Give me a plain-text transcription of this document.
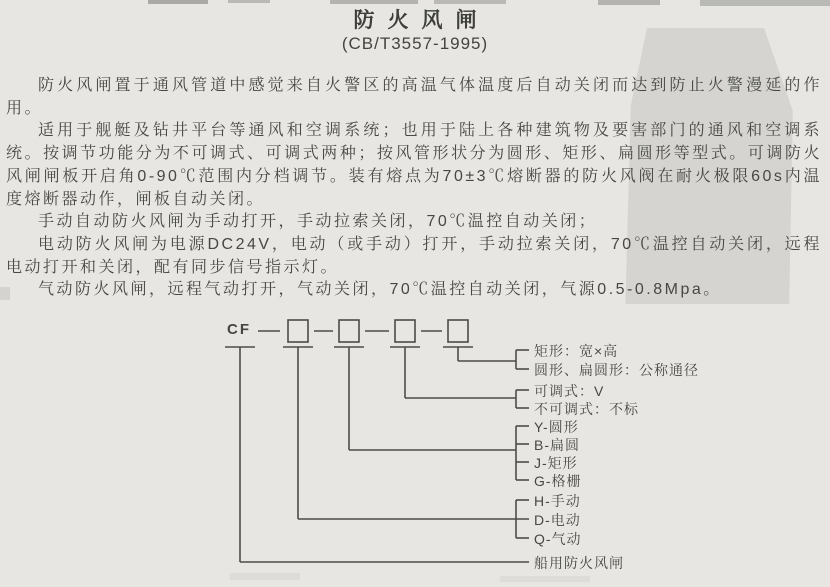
防火风闸
(CB/T3557-1995)

防火风闸置于通风管道中感觉来自火警区的高温气体温度后自动关闭而达到防止火警漫延的作用。

适用于舰艇及钻井平台等通风和空调系统；也用于陆上各种建筑物及要害部门的通风和空调系统。按调节功能分为不可调式、可调式两种；按风管形状分为圆形、矩形、扁圆形等型式。可调防火风闸闸板开启角0-90℃范围内分档调节。装有熔点为70±3℃熔断器的防火风阀在耐火极限60s内温度熔断器动作，闸板自动关闭。

手动自动防火风闸为手动打开，手动拉索关闭，70℃温控自动关闭；

电动防火风闸为电源DC24V，电动（或手动）打开，手动拉索关闭，70℃温控自动关闭，远程电动打开和关闭，配有同步信号指示灯。

气动防火风闸，远程气动打开，气动关闭，70℃温控自动关闭，气源0.5-0.8Mpa。

CF
矩形：宽×高
圆形、扁圆形：公称通径
可调式：V
不可调式：不标
Y-圆形
B-扁圆
J-矩形
G-格栅
H-手动
D-电动
Q-气动
船用防火风闸
